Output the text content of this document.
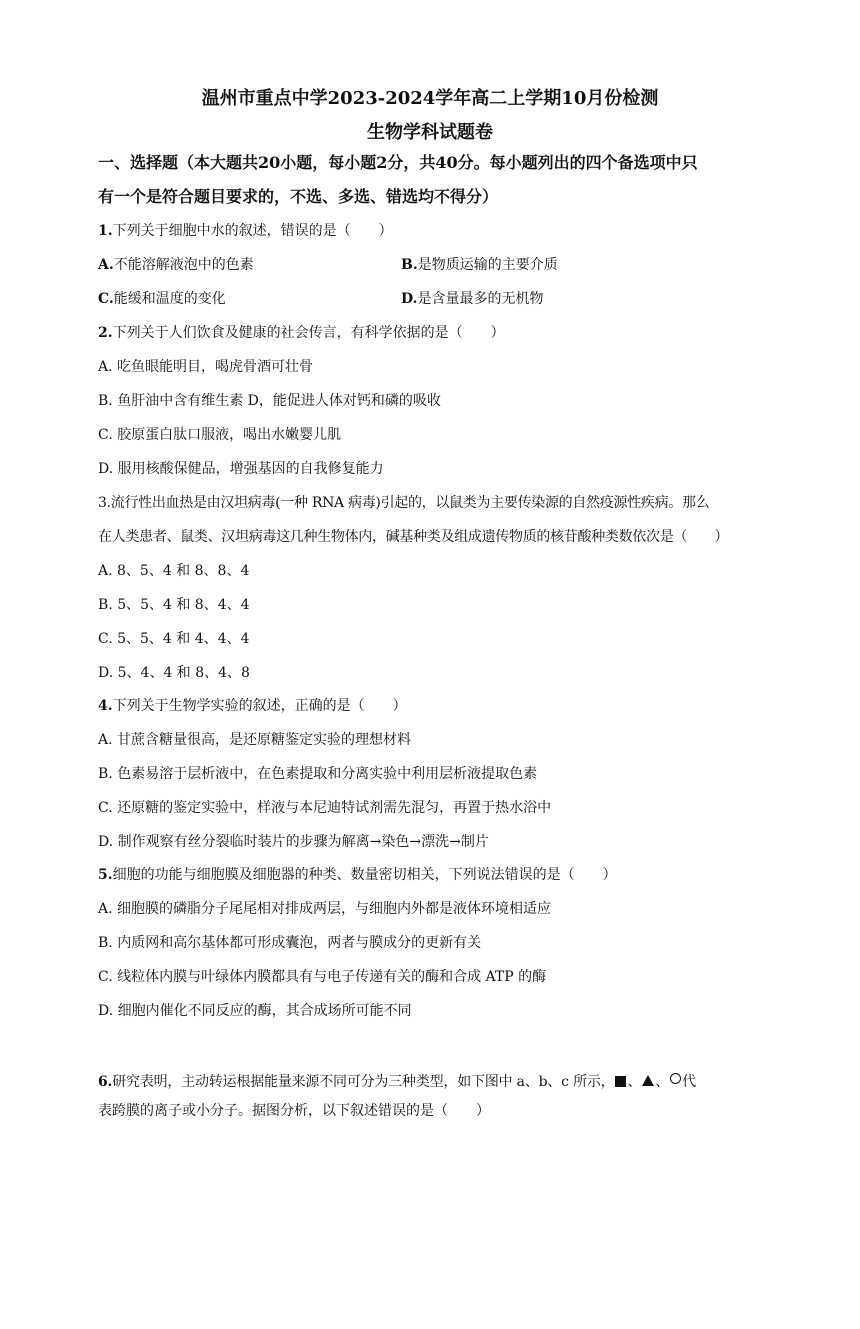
温州市重点中学2023-2024学年高二上学期10月份检测
生物学科试题卷
一、选择题（本大题共20小题，每小题2分，共40分。每小题列出的四个备选项中只
有一个是符合题目要求的，不选、多选、错选均不得分）
1.下列关于细胞中水的叙述，错误的是（　　）
A.不能溶解液泡中的色素	B.是物质运输的主要介质
C.能缓和温度的变化	D.是含量最多的无机物
2.下列关于人们饮食及健康的社会传言，有科学依据的是（　　）
A. 吃鱼眼能明目，喝虎骨酒可壮骨
B. 鱼肝油中含有维生素 D，能促进人体对钙和磷的吸收
C. 胶原蛋白肽口服液，喝出水嫩婴儿肌
D. 服用核酸保健品，增强基因的自我修复能力
3.流行性出血热是由汉坦病毒(一种 RNA 病毒)引起的，以鼠类为主要传染源的自然疫源性疾病。那么
在人类患者、鼠类、汉坦病毒这几种生物体内，碱基种类及组成遗传物质的核苷酸种类数依次是（　　）
A. 8、5、4 和 8、8、4
B. 5、5、4 和 8、4、4
C. 5、5、4 和 4、4、4
D. 5、4、4 和 8、4、8
4.下列关于生物学实验的叙述，正确的是（　　）
A. 甘蔗含糖量很高，是还原糖鉴定实验的理想材料
B. 色素易溶于层析液中，在色素提取和分离实验中利用层析液提取色素
C. 还原糖的鉴定实验中，样液与本尼迪特试剂需先混匀，再置于热水浴中
D. 制作观察有丝分裂临时装片的步骤为解离→染色→漂洗→制片
5.细胞的功能与细胞膜及细胞器的种类、数量密切相关，下列说法错误的是（　　）
A. 细胞膜的磷脂分子尾尾相对排成两层，与细胞内外都是液体环境相适应
B. 内质网和高尔基体都可形成囊泡，两者与膜成分的更新有关
C. 线粒体内膜与叶绿体内膜都具有与电子传递有关的酶和合成 ATP 的酶
D. 细胞内催化不同反应的酶，其合成场所可能不同
6.研究表明，主动转运根据能量来源不同可分为三种类型，如下图中 a、b、c 所示， 、 、 代
表跨膜的离子或小分子。据图分析，以下叙述错误的是（　　）
